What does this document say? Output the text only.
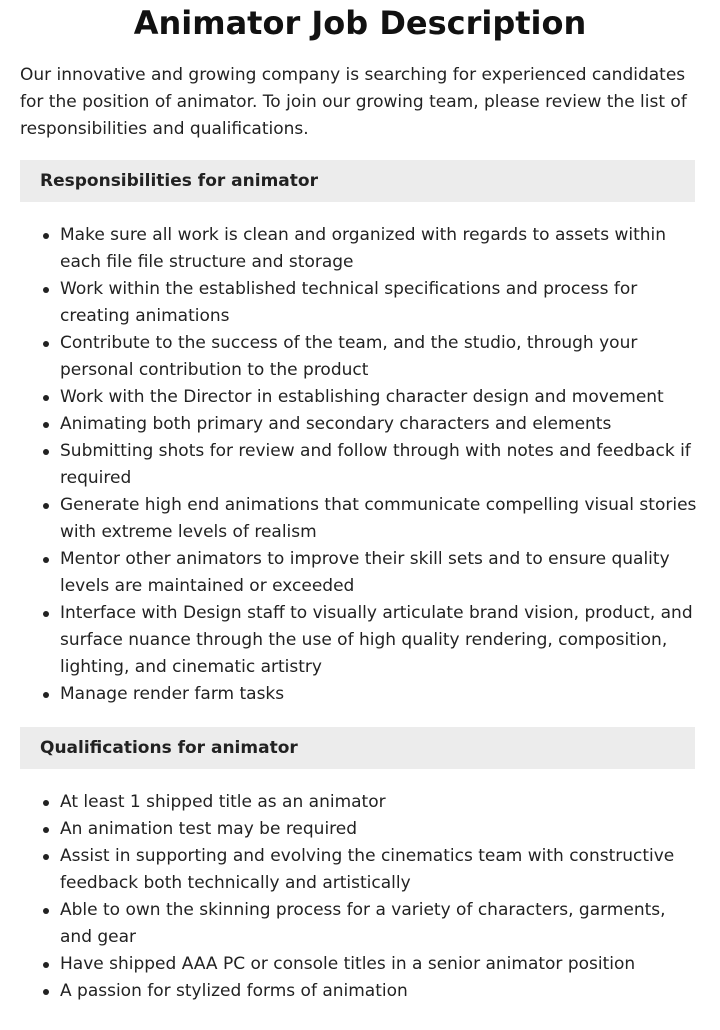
Animator Job Description

Our innovative and growing company is searching for experienced candidates for the position of animator. To join our growing team, please review the list of responsibilities and qualifications.

Responsibilities for animator
Make sure all work is clean and organized with regards to assets within each file file structure and storage
Work within the established technical specifications and process for creating animations
Contribute to the success of the team, and the studio, through your personal contribution to the product
Work with the Director in establishing character design and movement
Animating both primary and secondary characters and elements
Submitting shots for review and follow through with notes and feedback if required
Generate high end animations that communicate compelling visual stories with extreme levels of realism
Mentor other animators to improve their skill sets and to ensure quality levels are maintained or exceeded
Interface with Design staff to visually articulate brand vision, product, and surface nuance through the use of high quality rendering, composition, lighting, and cinematic artistry
Manage render farm tasks
Qualifications for animator
At least 1 shipped title as an animator
An animation test may be required
Assist in supporting and evolving the cinematics team with constructive feedback both technically and artistically
Able to own the skinning process for a variety of characters, garments, and gear
Have shipped AAA PC or console titles in a senior animator position
A passion for stylized forms of animation
